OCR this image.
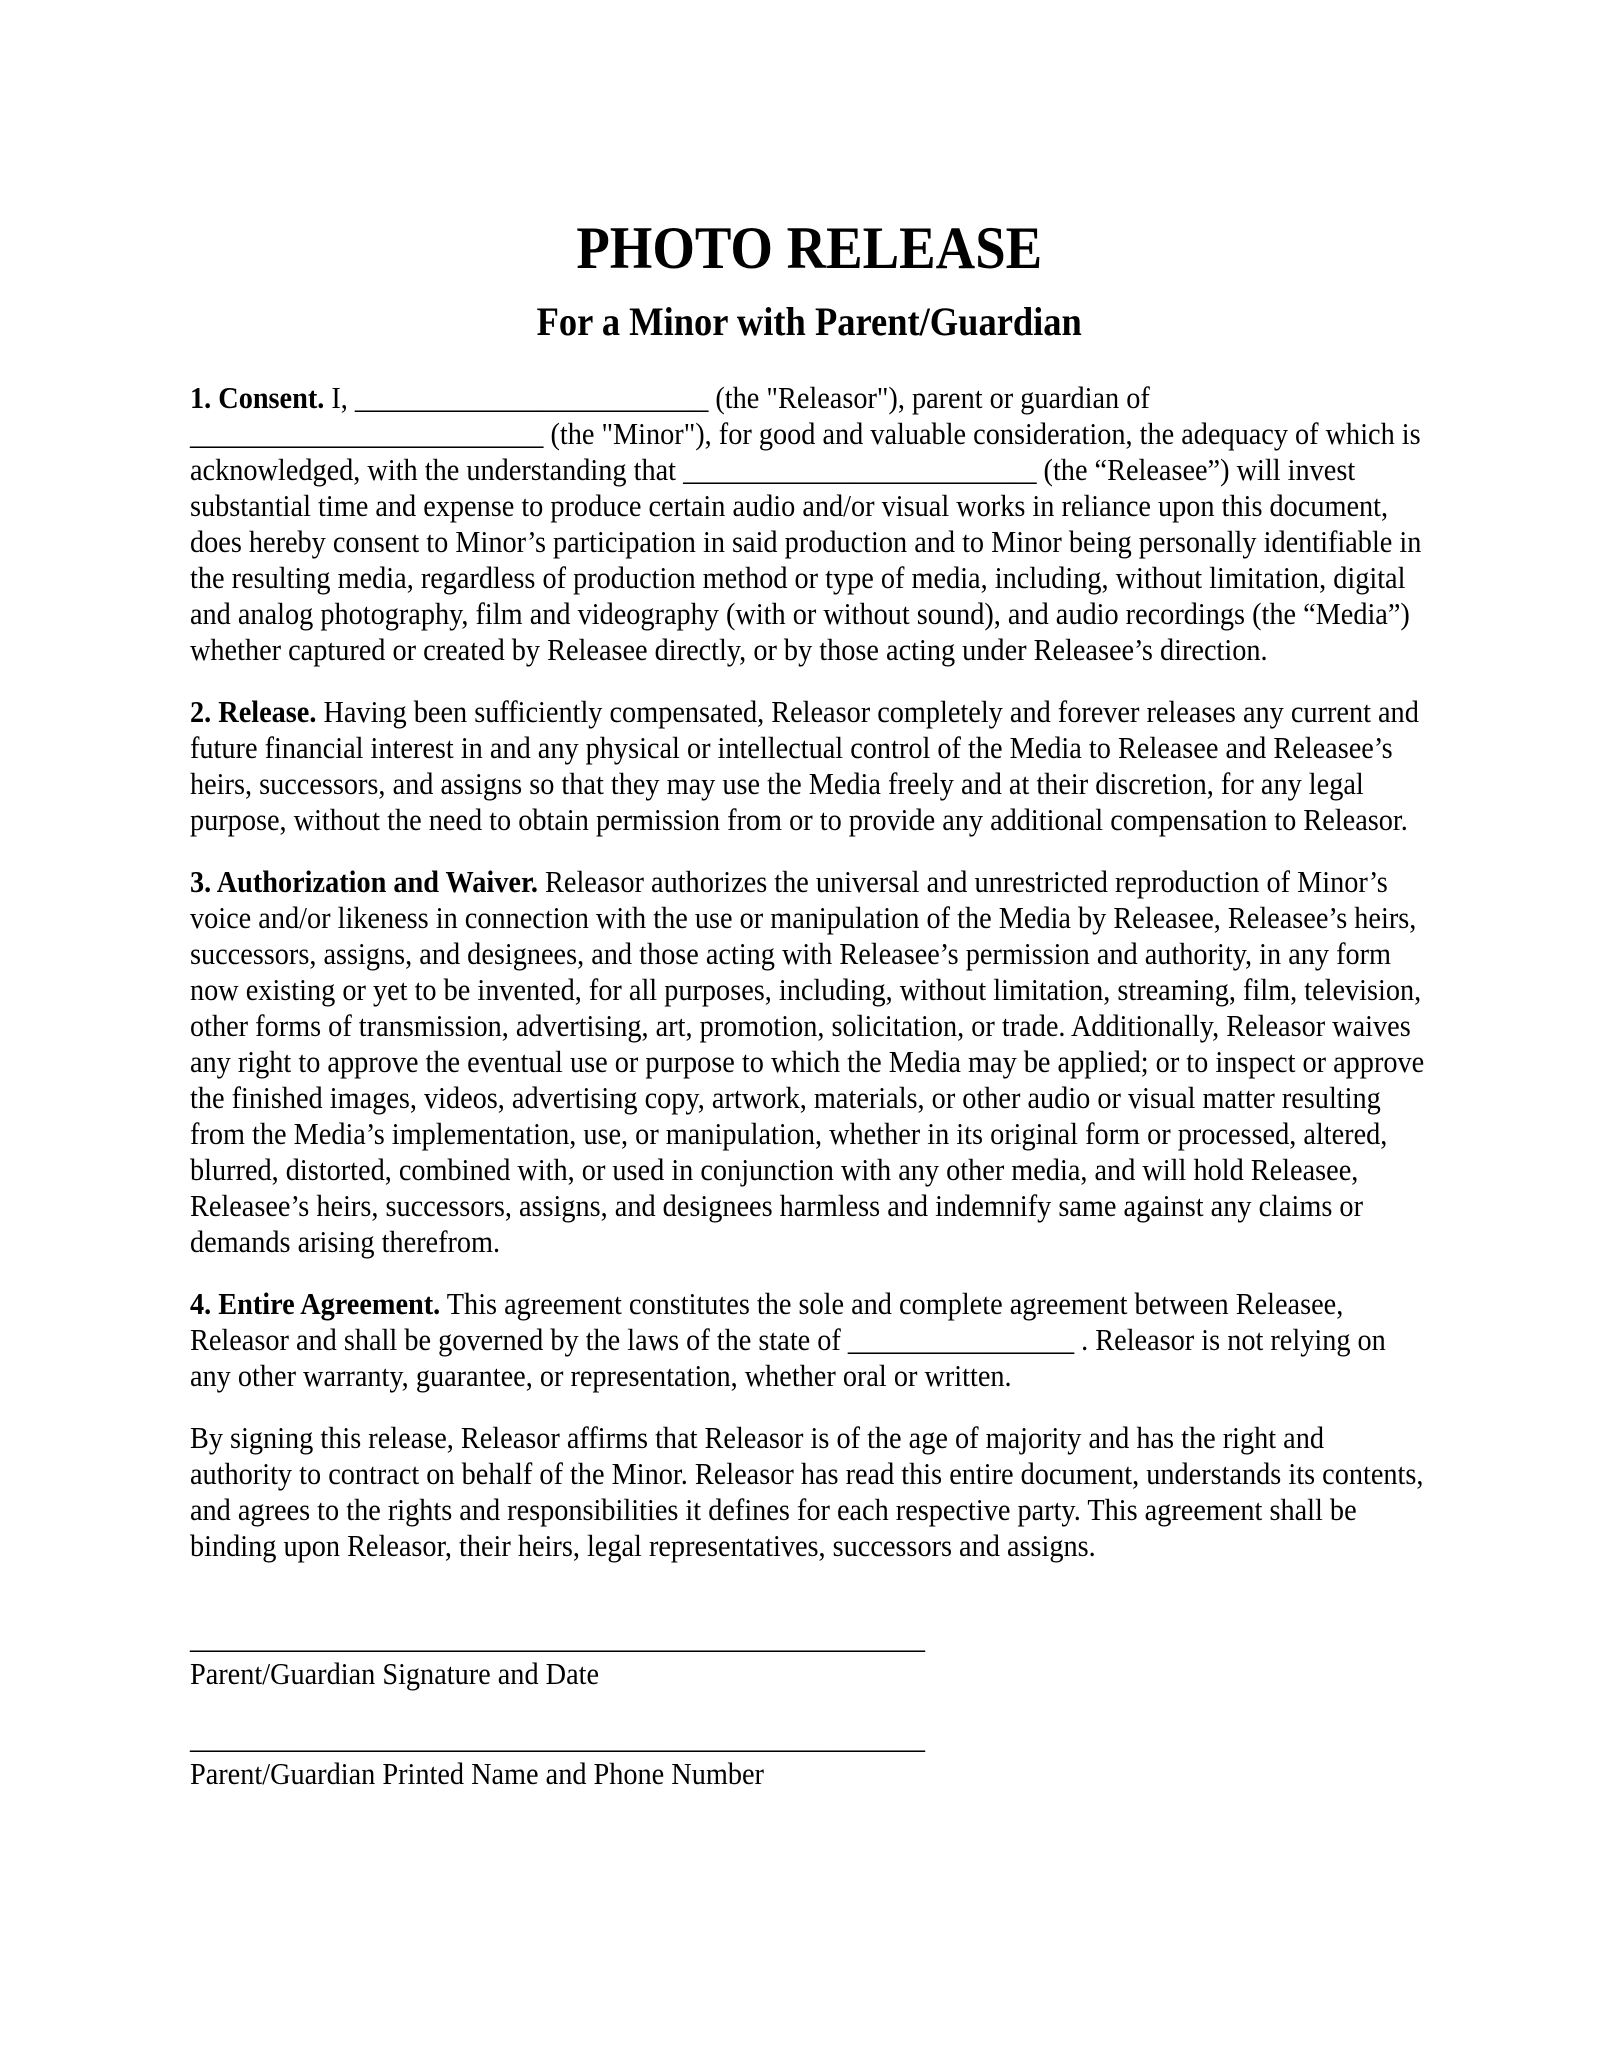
PHOTO RELEASE
For a Minor with Parent/Guardian

1. Consent. I, _________________________ (the "Releasor"), parent or guardian of _________________________ (the "Minor"), for good and valuable consideration, the adequacy of which is acknowledged, with the understanding that _________________________ (the “Releasee”) will invest substantial time and expense to produce certain audio and/or visual works in reliance upon this document, does hereby consent to Minor’s participation in said production and to Minor being personally identifiable in the resulting media, regardless of production method or type of media, including, without limitation, digital and analog photography, film and videography (with or without sound), and audio recordings (the “Media”) whether captured or created by Releasee directly, or by those acting under Releasee’s direction.

2. Release. Having been sufficiently compensated, Releasor completely and forever releases any current and future financial interest in and any physical or intellectual control of the Media to Releasee and Releasee’s heirs, successors, and assigns so that they may use the Media freely and at their discretion, for any legal purpose, without the need to obtain permission from or to provide any additional compensation to Releasor.

3. Authorization and Waiver. Releasor authorizes the universal and unrestricted reproduction of Minor’s voice and/or likeness in connection with the use or manipulation of the Media by Releasee, Releasee’s heirs, successors, assigns, and designees, and those acting with Releasee’s permission and authority, in any form now existing or yet to be invented, for all purposes, including, without limitation, streaming, film, television, other forms of transmission, advertising, art, promotion, solicitation, or trade. Additionally, Releasor waives any right to approve the eventual use or purpose to which the Media may be applied; or to inspect or approve the finished images, videos, advertising copy, artwork, materials, or other audio or visual matter resulting from the Media’s implementation, use, or manipulation, whether in its original form or processed, altered, blurred, distorted, combined with, or used in conjunction with any other media, and will hold Releasee, Releasee’s heirs, successors, assigns, and designees harmless and indemnify same against any claims or demands arising therefrom.

4. Entire Agreement. This agreement constitutes the sole and complete agreement between Releasee, Releasor and shall be governed by the laws of the state of ________________ . Releasor is not relying on any other warranty, guarantee, or representation, whether oral or written.

By signing this release, Releasor affirms that Releasor is of the age of majority and has the right and authority to contract on behalf of the Minor. Releasor has read this entire document, understands its contents, and agrees to the rights and responsibilities it defines for each respective party. This agreement shall be binding upon Releasor, their heirs, legal representatives, successors and assigns.

____________________________________________________
Parent/Guardian Signature and Date
____________________________________________________
Parent/Guardian Printed Name and Phone Number
